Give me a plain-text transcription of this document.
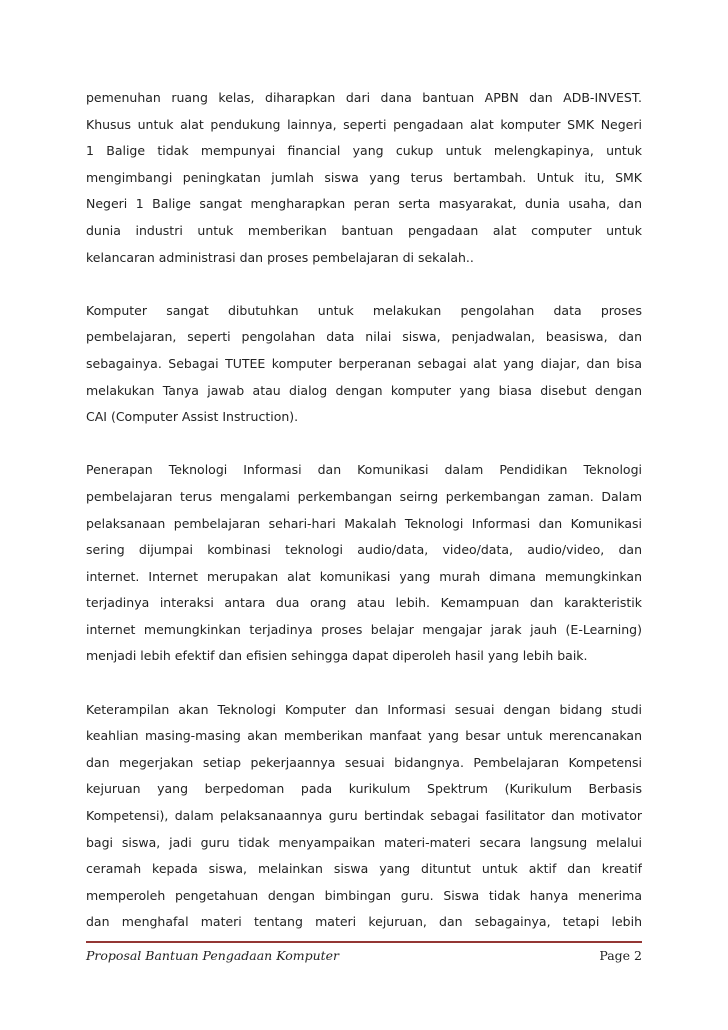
pemenuhan ruang kelas, diharapkan dari dana bantuan APBN dan ADB-INVEST.
Khusus untuk alat pendukung lainnya, seperti pengadaan alat komputer SMK Negeri
1 Balige tidak mempunyai financial yang cukup untuk melengkapinya, untuk
mengimbangi peningkatan jumlah siswa yang terus bertambah. Untuk itu, SMK
Negeri 1 Balige sangat mengharapkan peran serta masyarakat, dunia usaha, dan
dunia industri untuk memberikan bantuan pengadaan alat computer untuk
kelancaran administrasi dan proses pembelajaran di sekalah..
Komputer sangat dibutuhkan untuk melakukan pengolahan data proses
pembelajaran, seperti pengolahan data nilai siswa, penjadwalan, beasiswa, dan
sebagainya. Sebagai TUTEE komputer berperanan sebagai alat yang diajar, dan bisa
melakukan Tanya jawab atau dialog dengan komputer yang biasa disebut dengan
CAI (Computer Assist Instruction).
Penerapan Teknologi Informasi dan Komunikasi dalam Pendidikan Teknologi
pembelajaran terus mengalami perkembangan seirng perkembangan zaman. Dalam
pelaksanaan pembelajaran sehari-hari Makalah Teknologi Informasi dan Komunikasi
sering dijumpai kombinasi teknologi audio/data, video/data, audio/video, dan
internet. Internet merupakan alat komunikasi yang murah dimana memungkinkan
terjadinya interaksi antara dua orang atau lebih. Kemampuan dan karakteristik
internet memungkinkan terjadinya proses belajar mengajar jarak jauh (E-Learning)
menjadi lebih efektif dan efisien sehingga dapat diperoleh hasil yang lebih baik.
Keterampilan akan Teknologi Komputer dan Informasi sesuai dengan bidang studi
keahlian masing-masing akan memberikan manfaat yang besar untuk merencanakan
dan megerjakan setiap pekerjaannya sesuai bidangnya. Pembelajaran Kompetensi
kejuruan yang berpedoman pada kurikulum Spektrum (Kurikulum Berbasis
Kompetensi), dalam pelaksanaannya guru bertindak sebagai fasilitator dan motivator
bagi siswa, jadi guru tidak menyampaikan materi-materi secara langsung melalui
ceramah kepada siswa, melainkan siswa yang dituntut untuk aktif dan kreatif
memperoleh pengetahuan dengan bimbingan guru. Siswa tidak hanya menerima
dan menghafal materi tentang materi kejuruan, dan sebagainya, tetapi lebih
Proposal Bantuan Pengadaan Komputer	Page 2
